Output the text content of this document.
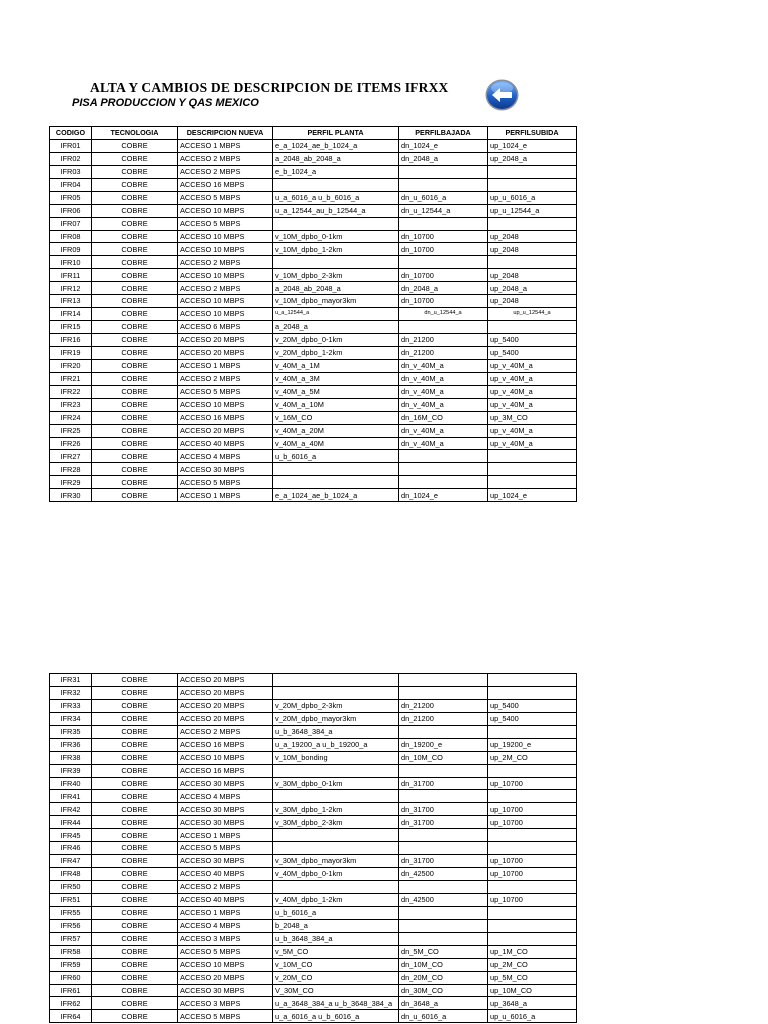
ALTA Y CAMBIOS DE DESCRIPCION DE ITEMS IFRXX
PISA PRODUCCION Y QAS MEXICO
CODIGO	TECNOLOGIA	DESCRIPCION NUEVA	PERFIL PLANTA	PERFILBAJADA	PERFILSUBIDA
IFR01	COBRE	ACCESO 1 MBPS	e_a_1024_ae_b_1024_a	dn_1024_e	up_1024_e
IFR02	COBRE	ACCESO 2 MBPS	a_2048_ab_2048_a	dn_2048_a	up_2048_a
IFR03	COBRE	ACCESO 2 MBPS	e_b_1024_a		
IFR04	COBRE	ACCESO 16 MBPS			
IFR05	COBRE	ACCESO 5 MBPS	u_a_6016_a u_b_6016_a	dn_u_6016_a	up_u_6016_a
IFR06	COBRE	ACCESO 10 MBPS	u_a_12544_au_b_12544_a	dn_u_12544_a	up_u_12544_a
IFR07	COBRE	ACCESO 5 MBPS			
IFR08	COBRE	ACCESO 10 MBPS	v_10M_dpbo_0-1km	dn_10700	up_2048
IFR09	COBRE	ACCESO 10 MBPS	v_10M_dpbo_1-2km	dn_10700	up_2048
IFR10	COBRE	ACCESO 2 MBPS			
IFR11	COBRE	ACCESO 10 MBPS	v_10M_dpbo_2-3km	dn_10700	up_2048
IFR12	COBRE	ACCESO 2 MBPS	a_2048_ab_2048_a	dn_2048_a	up_2048_a
IFR13	COBRE	ACCESO 10 MBPS	v_10M_dpbo_mayor3km	dn_10700	up_2048
IFR14	COBRE	ACCESO 10 MBPS	u_a_12544_a	dn_u_12544_a	up_u_12544_a
IFR15	COBRE	ACCESO 6 MBPS	a_2048_a		
IFR16	COBRE	ACCESO 20 MBPS	v_20M_dpbo_0-1km	dn_21200	up_5400
IFR19	COBRE	ACCESO 20 MBPS	v_20M_dpbo_1-2km	dn_21200	up_5400
IFR20	COBRE	ACCESO 1 MBPS	v_40M_a_1M	dn_v_40M_a	up_v_40M_a
IFR21	COBRE	ACCESO 2 MBPS	v_40M_a_3M	dn_v_40M_a	up_v_40M_a
IFR22	COBRE	ACCESO 5 MBPS	v_40M_a_5M	dn_v_40M_a	up_v_40M_a
IFR23	COBRE	ACCESO 10 MBPS	v_40M_a_10M	dn_v_40M_a	up_v_40M_a
IFR24	COBRE	ACCESO 16 MBPS	v_16M_CO	dn_16M_CO	up_3M_CO
IFR25	COBRE	ACCESO 20 MBPS	v_40M_a_20M	dn_v_40M_a	up_v_40M_a
IFR26	COBRE	ACCESO 40 MBPS	v_40M_a_40M	dn_v_40M_a	up_v_40M_a
IFR27	COBRE	ACCESO 4 MBPS	u_b_6016_a		
IFR28	COBRE	ACCESO 30 MBPS			
IFR29	COBRE	ACCESO 5 MBPS			
IFR30	COBRE	ACCESO 1 MBPS	e_a_1024_ae_b_1024_a	dn_1024_e	up_1024_e
IFR31	COBRE	ACCESO 20 MBPS			
IFR32	COBRE	ACCESO 20 MBPS			
IFR33	COBRE	ACCESO 20 MBPS	v_20M_dpbo_2-3km	dn_21200	up_5400
IFR34	COBRE	ACCESO 20 MBPS	v_20M_dpbo_mayor3km	dn_21200	up_5400
IFR35	COBRE	ACCESO 2 MBPS	u_b_3648_384_a		
IFR36	COBRE	ACCESO 16 MBPS	u_a_19200_a u_b_19200_a	dn_19200_e	up_19200_e
IFR38	COBRE	ACCESO 10 MBPS	v_10M_bonding	dn_10M_CO	up_2M_CO
IFR39	COBRE	ACCESO 16 MBPS			
IFR40	COBRE	ACCESO 30 MBPS	v_30M_dpbo_0-1km	dn_31700	up_10700
IFR41	COBRE	ACCESO 4 MBPS			
IFR42	COBRE	ACCESO 30 MBPS	v_30M_dpbo_1-2km	dn_31700	up_10700
IFR44	COBRE	ACCESO 30 MBPS	v_30M_dpbo_2-3km	dn_31700	up_10700
IFR45	COBRE	ACCESO 1 MBPS			
IFR46	COBRE	ACCESO 5 MBPS			
IFR47	COBRE	ACCESO 30 MBPS	v_30M_dpbo_mayor3km	dn_31700	up_10700
IFR48	COBRE	ACCESO 40 MBPS	v_40M_dpbo_0-1km	dn_42500	up_10700
IFR50	COBRE	ACCESO 2 MBPS			
IFR51	COBRE	ACCESO 40 MBPS	v_40M_dpbo_1-2km	dn_42500	up_10700
IFR55	COBRE	ACCESO 1 MBPS	u_b_6016_a		
IFR56	COBRE	ACCESO 4 MBPS	b_2048_a		
IFR57	COBRE	ACCESO 3 MBPS	u_b_3648_384_a		
IFR58	COBRE	ACCESO 5 MBPS	v_5M_CO	dn_5M_CO	up_1M_CO
IFR59	COBRE	ACCESO 10 MBPS	v_10M_CO	dn_10M_CO	up_2M_CO
IFR60	COBRE	ACCESO 20 MBPS	v_20M_CO	dn_20M_CO	up_5M_CO
IFR61	COBRE	ACCESO 30 MBPS	V_30M_CO	dn_30M_CO	up_10M_CO
IFR62	COBRE	ACCESO 3 MBPS	u_a_3648_384_a u_b_3648_384_a	dn_3648_a	up_3648_a
IFR64	COBRE	ACCESO 5 MBPS	u_a_6016_a u_b_6016_a	dn_u_6016_a	up_u_6016_a
